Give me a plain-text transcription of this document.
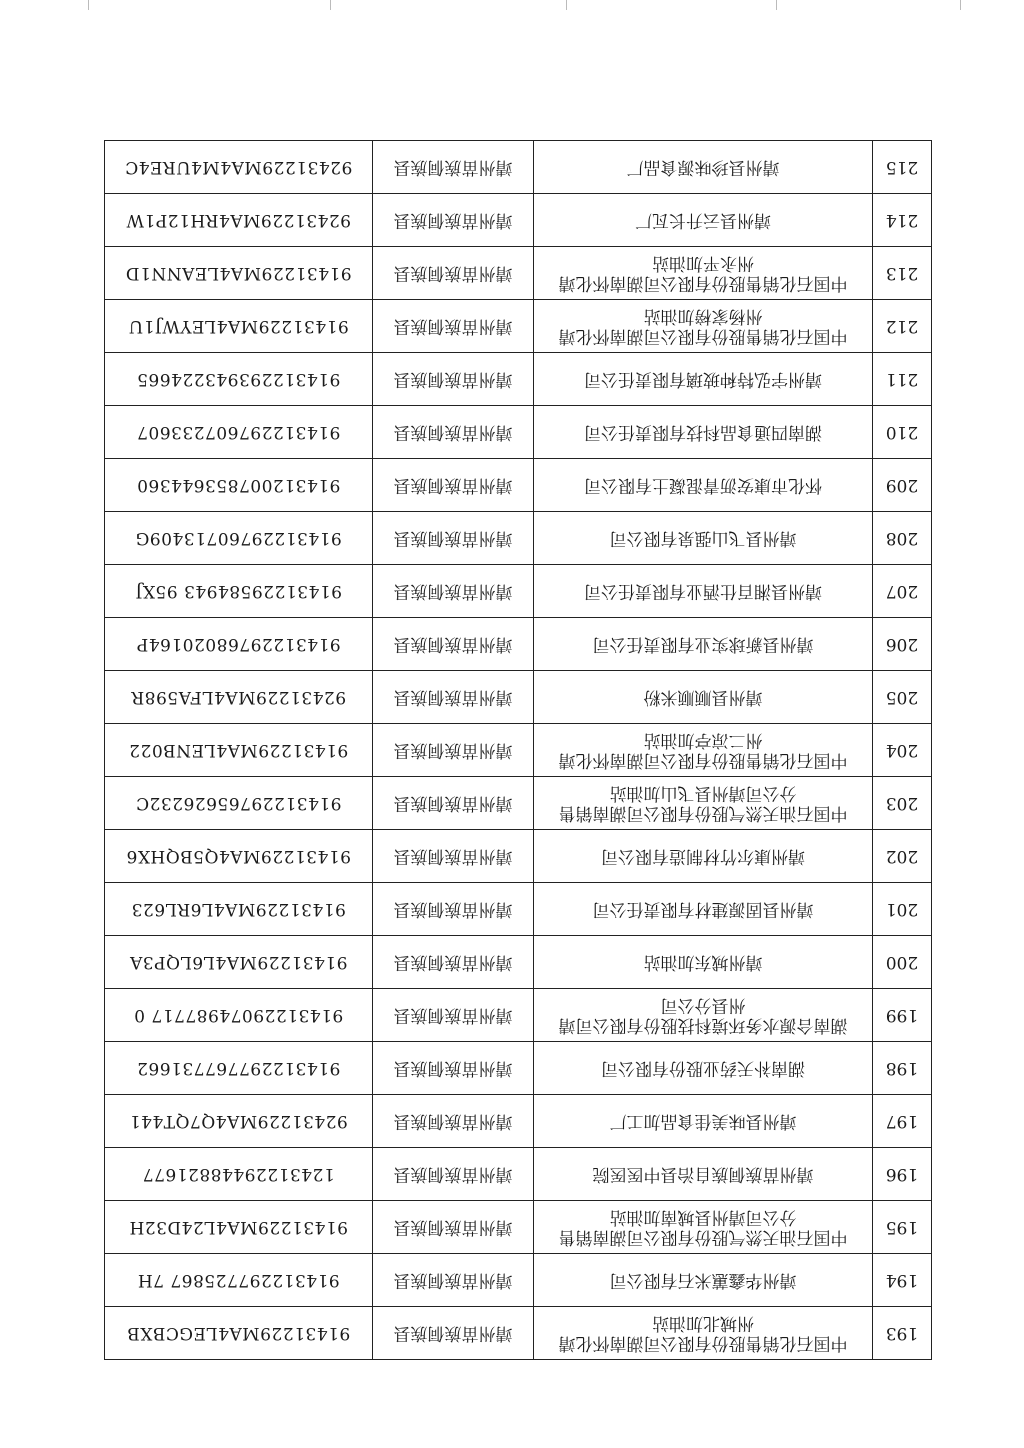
193	中国石化销售股份有限公司湖南怀化靖州城北加油站	靖州苗族侗族县	91431229MA4LEGCBXB
194	靖州华鑫蕙米石有限公司	靖州苗族侗族县	914312297725867 7H
195	中国石油天然气股份有限公司湖南销售分公司靖州县城南加油站	靖州苗族侗族县	91431229MA4L24D32H
196	靖州苗族侗族自治县中医医院	靖州苗族侗族县	12431229448821677
197	靖州县味美佳食品加工厂	靖州苗族侗族县	92431229MA4Q7QT441
198	湖南补天药业股份有限公司	靖州苗族侗族县	914312297767731662
199	湖南合源水务环境科技股份有限公司靖州县分公司	靖州苗族侗族县	91431229074987717 0
200	靖州城东加油站	靖州苗族侗族县	91431229MA4L6LQP3A
201	靖州县固源建材有限责任公司	靖州苗族侗族县	91431229MA4L6RL623
202	靖州康尔竹材制造有限公司	靖州苗族侗族县	91431229MA4Q5BQHX6
203	中国石油天然气股份有限公司湖南销售分公司靖州县飞山加油站	靖州苗族侗族县	91431229765626232C
204	中国石化销售股份有限公司湖南怀化靖州二凉亭加油站	靖州苗族侗族县	91431229MA4LENB022
205	靖州县顺顺米粉	靖州苗族侗族县	92431229MA4LFA598R
206	靖州县新球实业有限责任公司	靖州苗族侗族县	91431229768020164P
207	靖州县湘百仕酒业有限责任公司	靖州苗族侗族县	91431229584943 95XJ
208	靖州县飞山强泉有限公司	靖州苗族侗族县	91431229760713409G
209	怀化市康安沥青混凝土有限公司	靖州苗族侗族县	914312007853644360
210	湖南四通食品科技有限责任公司	靖州苗族侗族县	914312297607233607
211	靖州宇弘特种玻璃有限责任公司	靖州苗族侗族县	914312293943224665
212	中国石化销售股份有限公司湖南怀化靖州杨家榜加油站	靖州苗族侗族县	91431229MA4LEYWJ1U
213	中国石化销售股份有限公司湖南怀化靖州永平加油站	靖州苗族侗族县	91431229MA4LEANN1D
214	靖州县云升长瓦厂	靖州苗族侗族县	92431229MA4RH12P1W
215	靖州县珍味源食品厂	靖州苗族侗族县	92431229MA4M4URE4C
